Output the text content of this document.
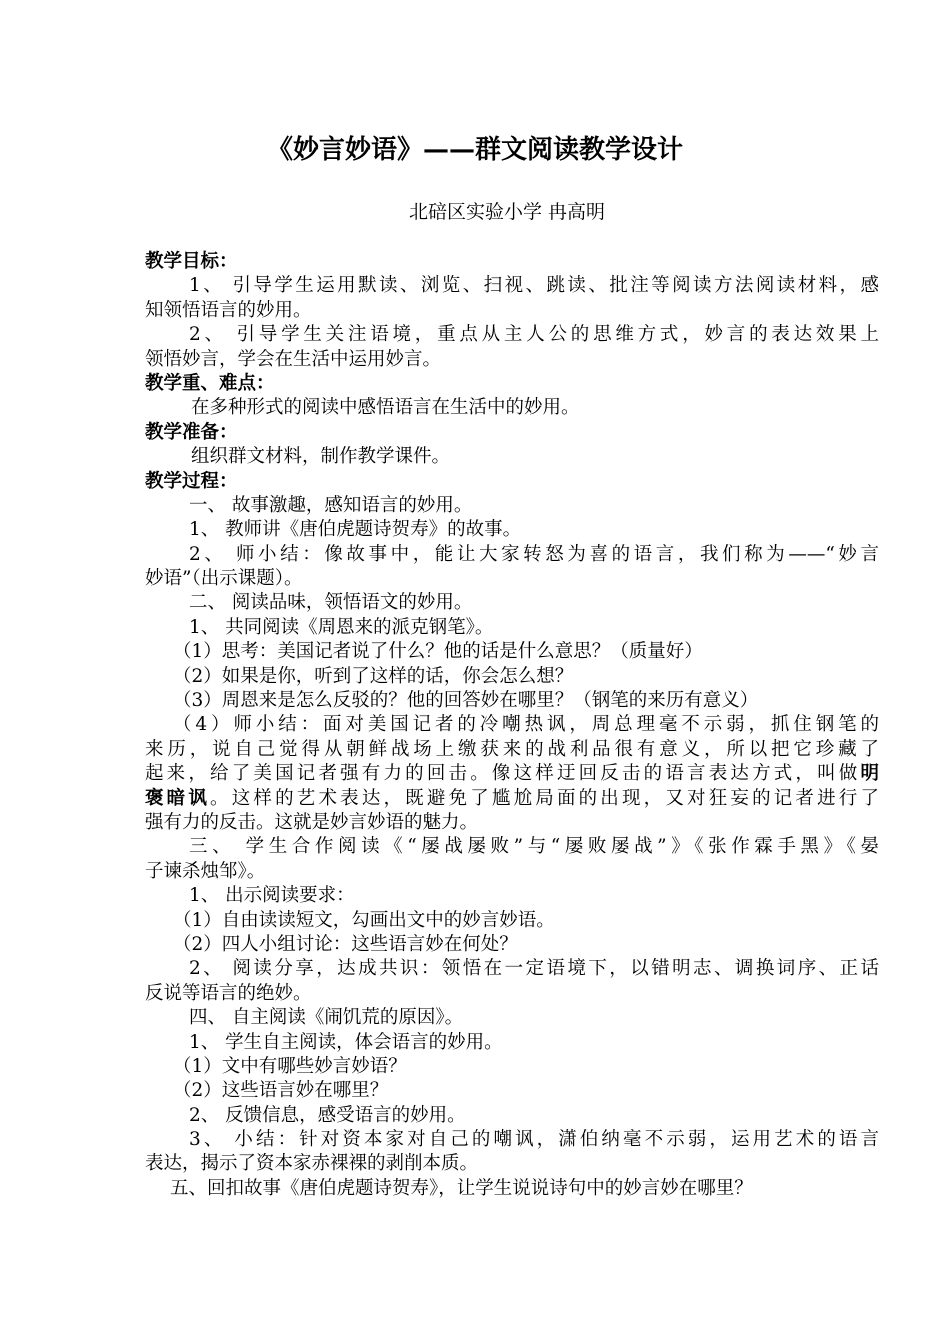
《妙言妙语》——群文阅读教学设计
北碚区实验小学 冉高明
教学目标：
1、 引导学生运用默读、浏览、扫视、跳读、批注等阅读方法阅读材料，感
知领悟语言的妙用。
2、 引导学生关注语境，重点从主人公的思维方式，妙言的表达效果上
领悟妙言，学会在生活中运用妙言。
教学重、难点：
在多种形式的阅读中感悟语言在生活中的妙用。
教学准备：
组织群文材料，制作教学课件。
教学过程：
一、 故事激趣，感知语言的妙用。
1、 教师讲《唐伯虎题诗贺寿》的故事。
2、 师小结：像故事中，能让大家转怒为喜的语言，我们称为——“妙言
妙语”（出示课题）。
二、 阅读品味，领悟语文的妙用。
1、 共同阅读《周恩来的派克钢笔》。
（1）思考：美国记者说了什么？他的话是什么意思？（质量好）
（2）如果是你，听到了这样的话，你会怎么想？
（3）周恩来是怎么反驳的？他的回答妙在哪里？（钢笔的来历有意义）
（4）师小结：面对美国记者的冷嘲热讽，周总理毫不示弱，抓住钢笔的
来历，说自己觉得从朝鲜战场上缴获来的战利品很有意义，所以把它珍藏了
起来，给了美国记者强有力的回击。像这样迂回反击的语言表达方式，叫做明
褒暗讽。这样的艺术表达，既避免了尴尬局面的出现，又对狂妄的记者进行了
强有力的反击。这就是妙言妙语的魅力。
三、 学生合作阅读《“屡战屡败”与“屡败屡战”》《张作霖手黑》《晏
子谏杀烛邹》。
1、 出示阅读要求：
（1）自由读读短文，勾画出文中的妙言妙语。
（2）四人小组讨论：这些语言妙在何处？
2、 阅读分享，达成共识：领悟在一定语境下，以错明志、调换词序、正话
反说等语言的绝妙。
四、 自主阅读《闹饥荒的原因》。
1、 学生自主阅读，体会语言的妙用。
（1）文中有哪些妙言妙语？
（2）这些语言妙在哪里？
2、 反馈信息，感受语言的妙用。
3、 小结：针对资本家对自己的嘲讽，潇伯纳毫不示弱，运用艺术的语言
表达，揭示了资本家赤裸裸的剥削本质。
五、回扣故事《唐伯虎题诗贺寿》，让学生说说诗句中的妙言妙在哪里？
